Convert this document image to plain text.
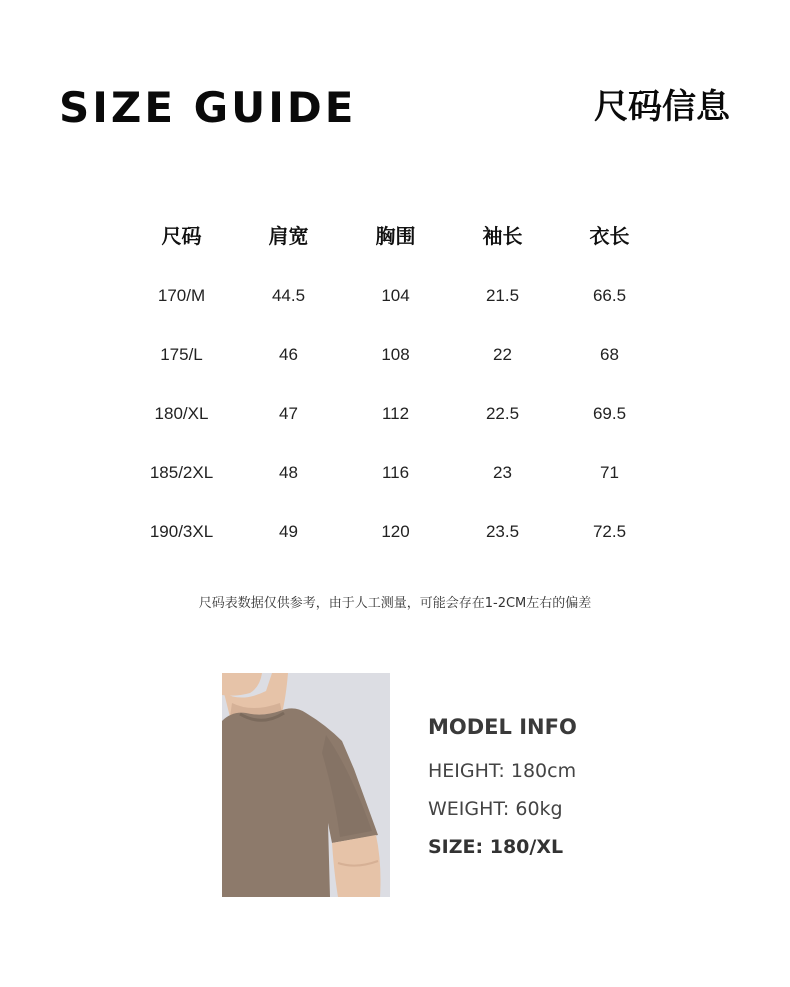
SIZE GUIDE	尺码信息
尺码	肩宽	胸围	袖长	衣长
170/M	44.5	104	21.5	66.5
175/L	46	108	22	68
180/XL	47	112	22.5	69.5
185/2XL	48	116	23	71
190/3XL	49	120	23.5	72.5

尺码表数据仅供参考，由于人工测量，可能会存在1-2CM左右的偏差

MODEL INFO

HEIGHT: 180cm

WEIGHT: 60kg

SIZE: 180/XL
